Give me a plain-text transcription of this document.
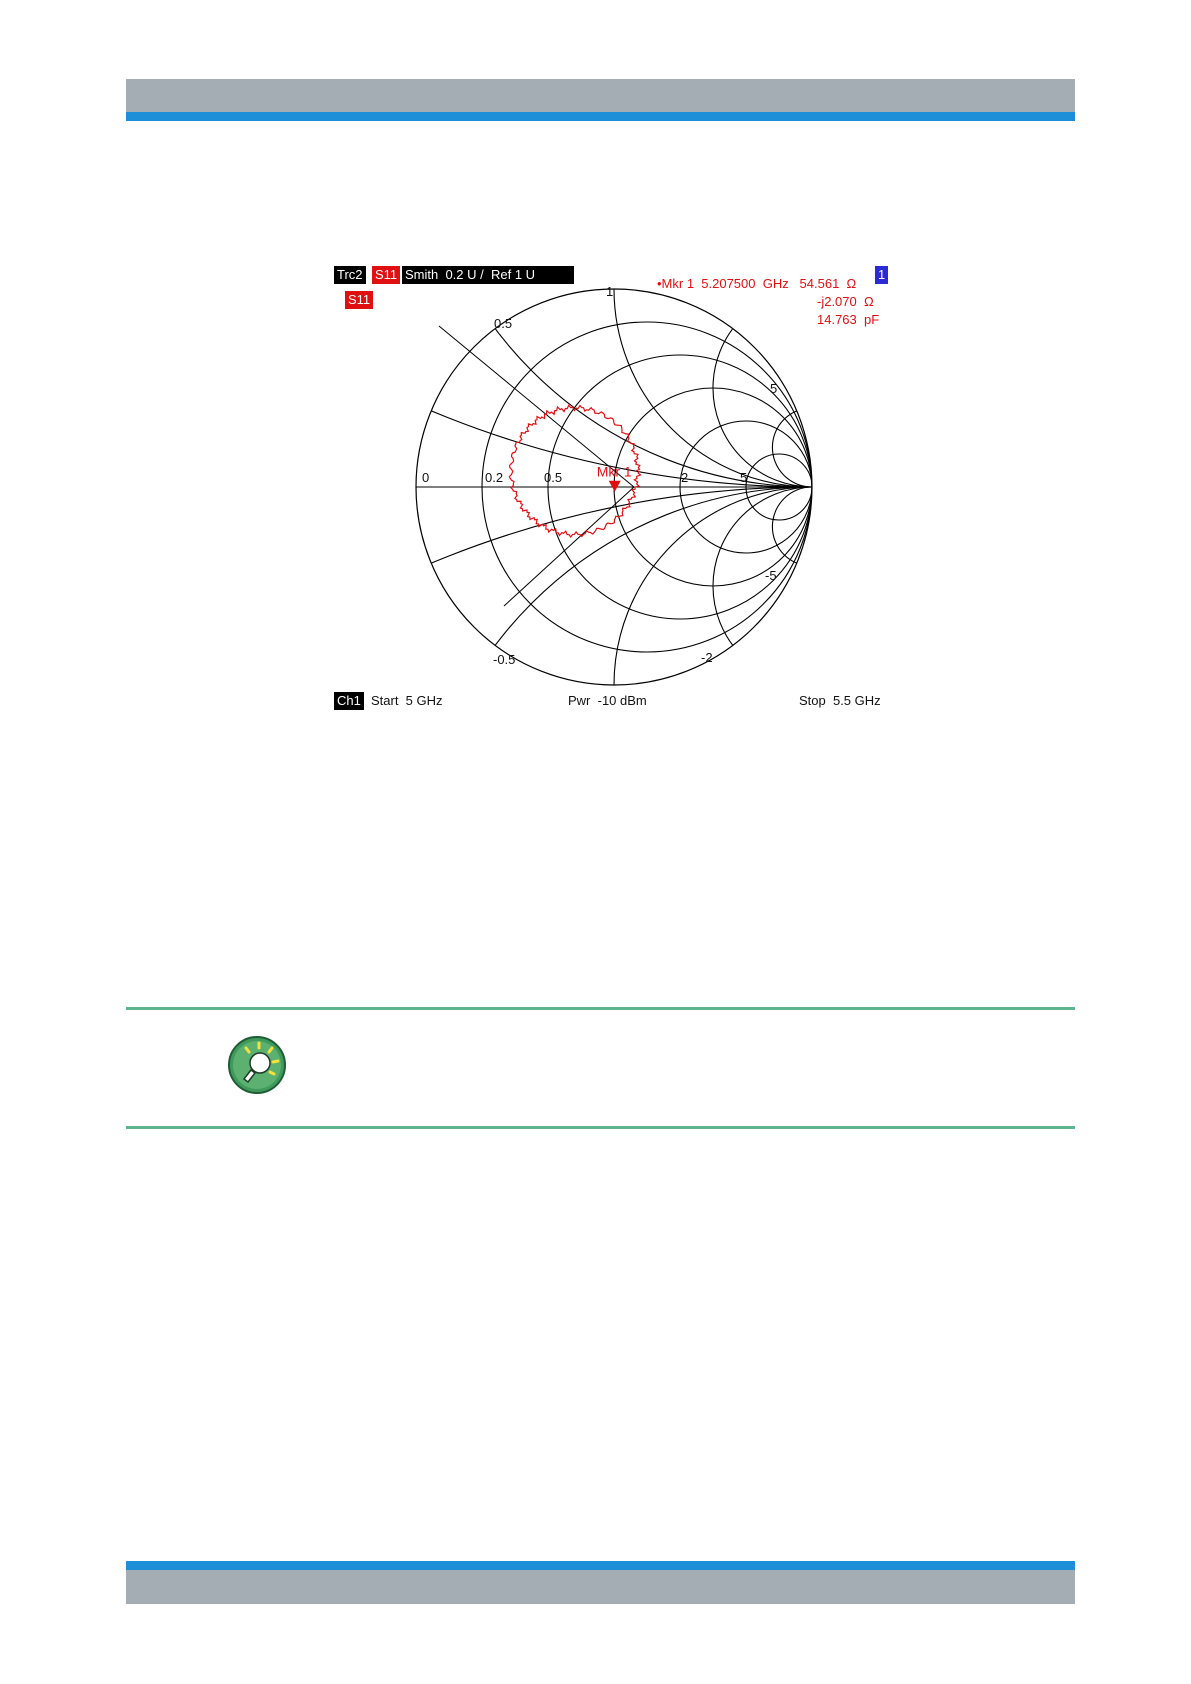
Trc2 S11 Smith  0.2 U /  Ref 1 U	1
S11
0	0.2	0.5	2	5
0.5
1
5
-0.5	-2
-5
Mkr 1
•Mkr 1  5.207500  GHz   54.561  Ω
-j2.070  Ω
14.763  pF
Ch1 Start  5 GHz	Pwr  -10 dBm	Stop  5.5 GHz
